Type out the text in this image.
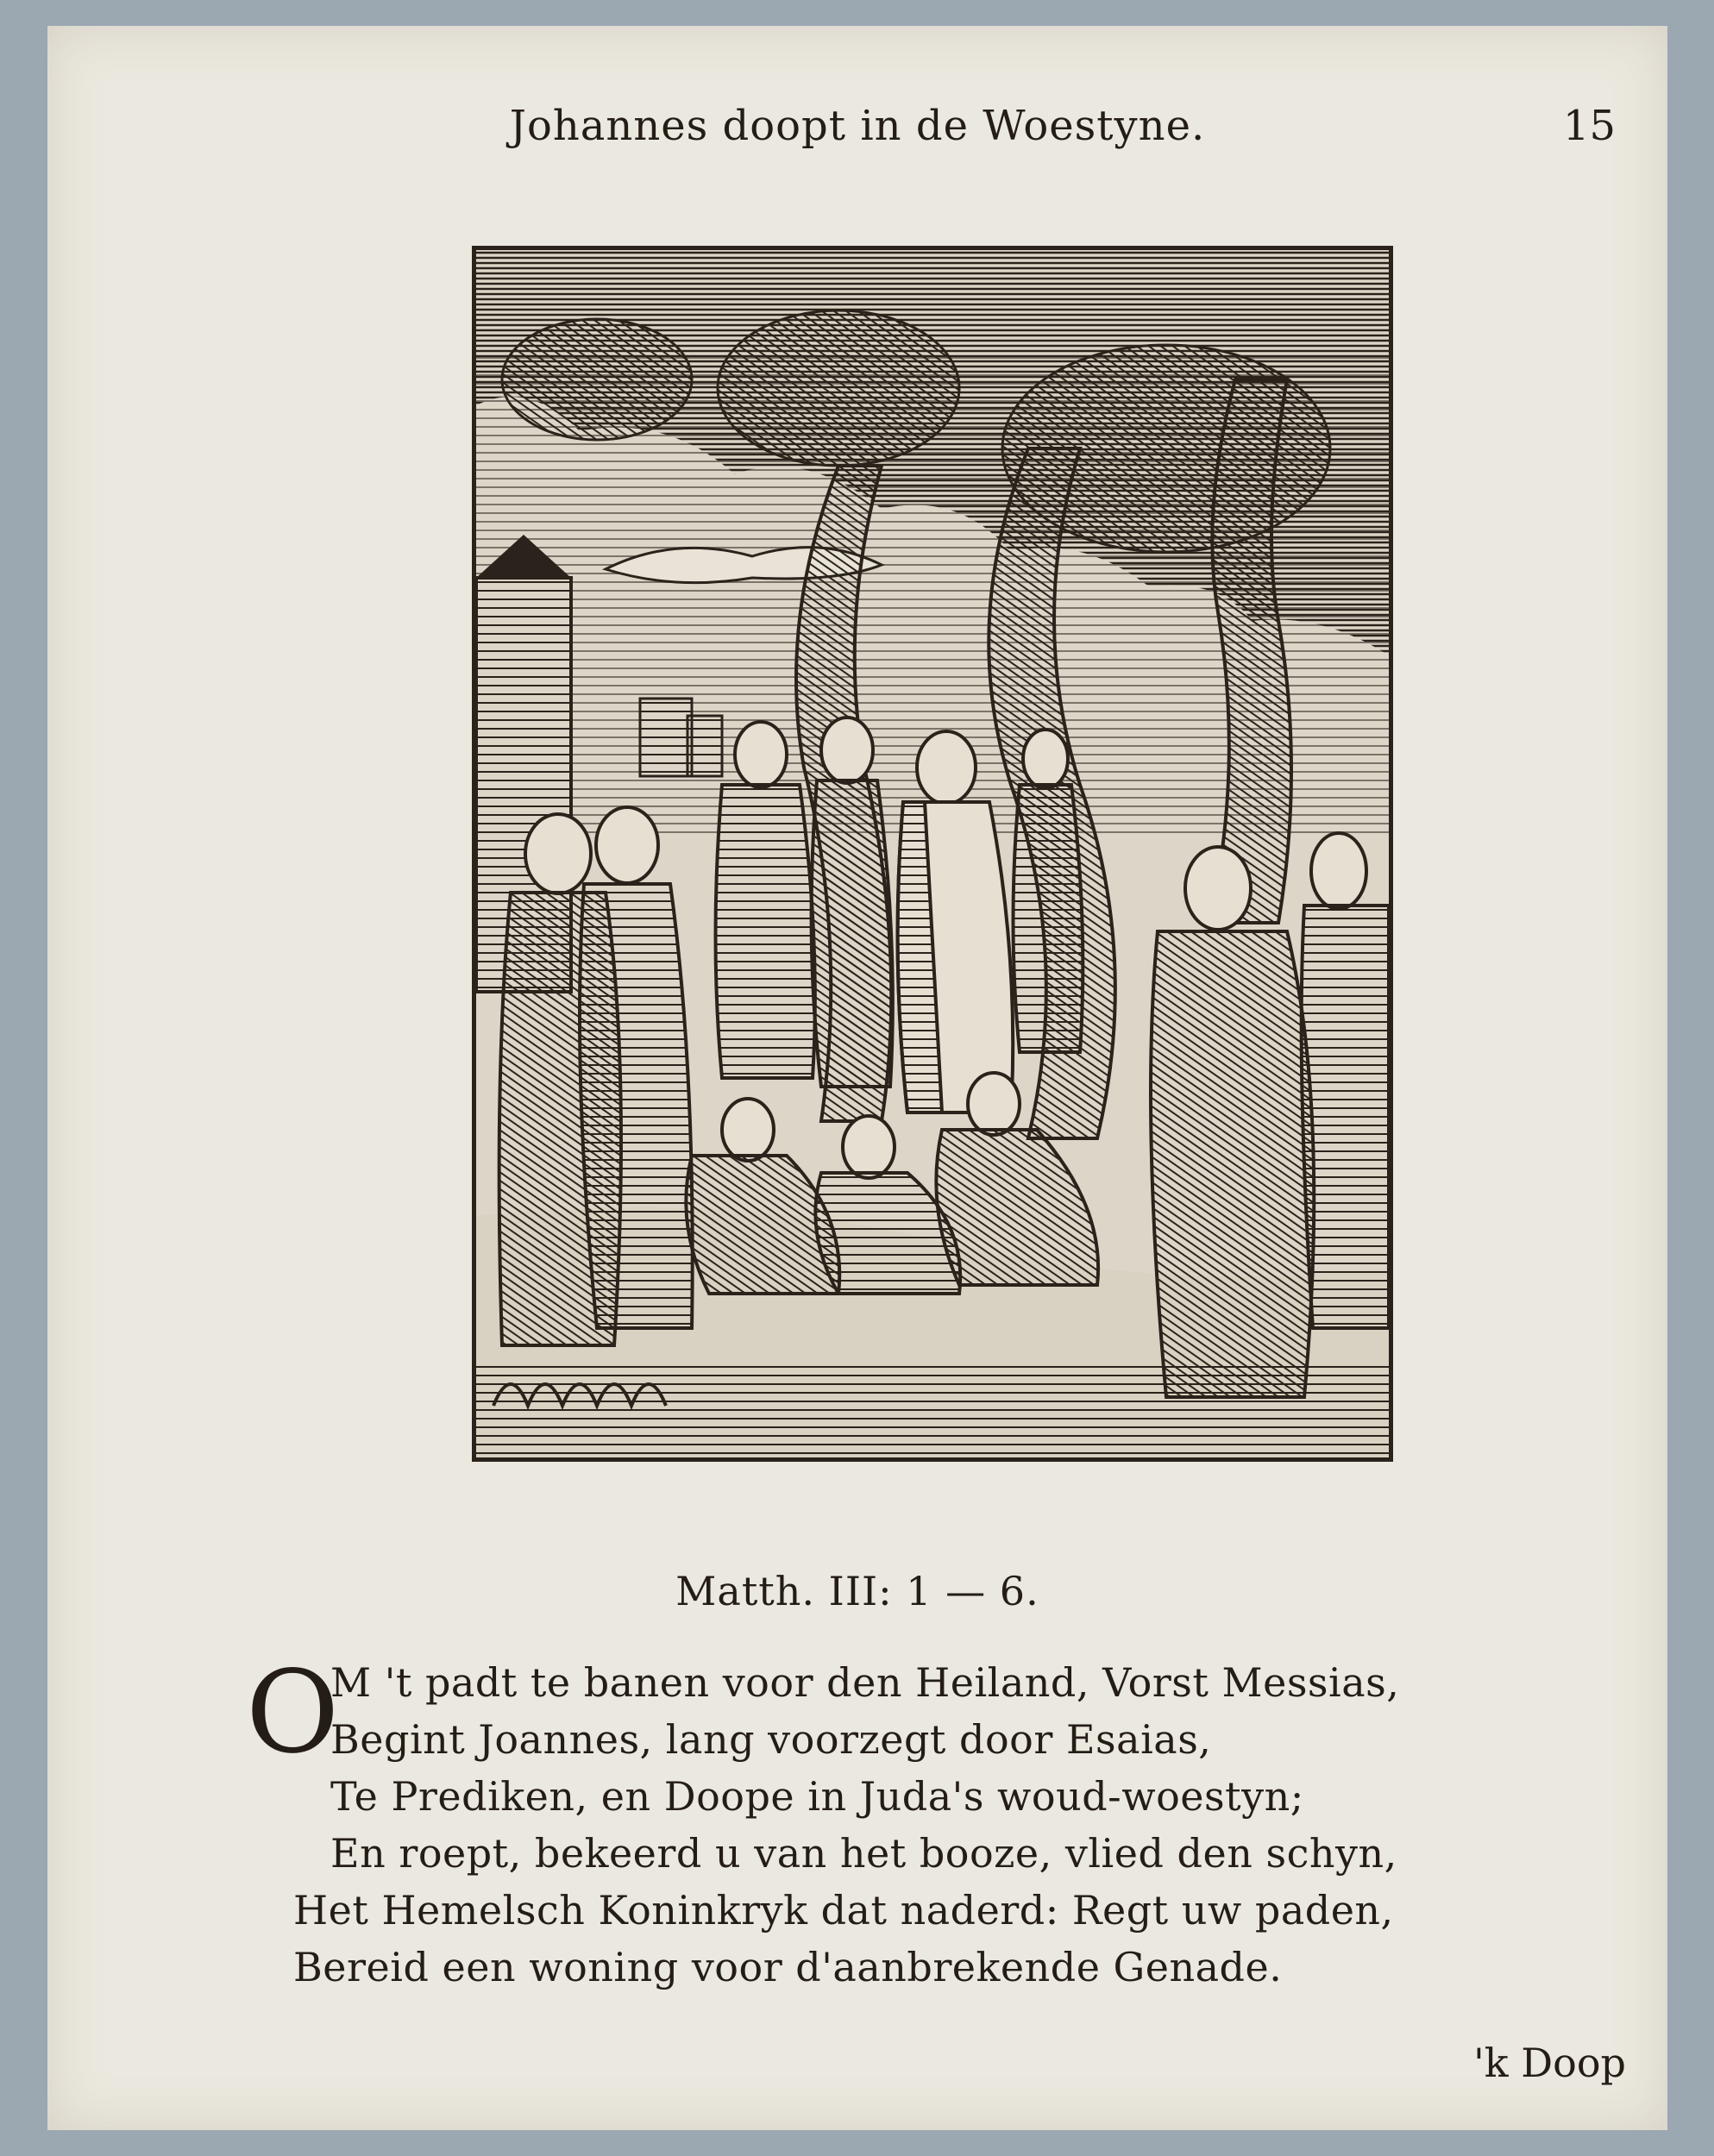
Johannes doopt in de Woestyne.	15
Matth. III: 1 — 6.
O
M 't padt te banen voor den Heiland, Vorst Messias,
Begint Joannes, lang voorzegt door Esaias,
Te Prediken, en Doope in Juda's woud-woestyn;
En roept, bekeerd u van het booze, vlied den schyn,
Het Hemelsch Koninkryk dat naderd: Regt uw paden,
Bereid een woning voor d'aanbrekende Genade.
'k Doop
